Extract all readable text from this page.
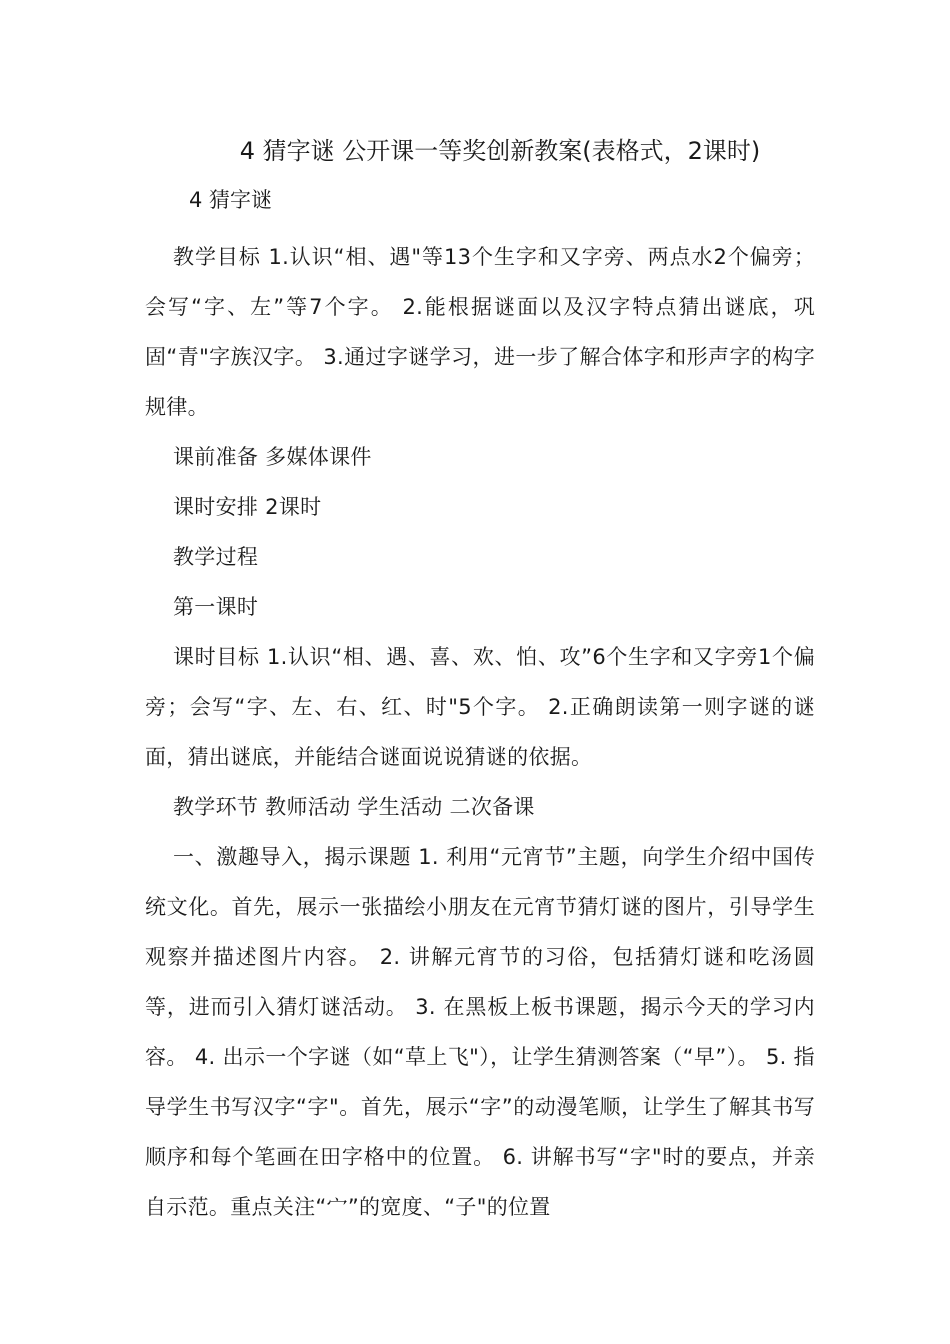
4 猜字谜 公开课一等奖创新教案(表格式，2课时)
4 猜字谜

教学目标 1.认识“相、遇"等13个生字和又字旁、两点水2个偏旁；会写“字、左”等7个字。 2.能根据谜面以及汉字特点猜出谜底，巩固“青"字族汉字。 3.通过字谜学习，进一步了解合体字和形声字的构字规律。

课前准备 多媒体课件

课时安排 2课时

教学过程

第一课时

课时目标 1.认识“相、遇、喜、欢、怕、攻”6个生字和又字旁1个偏旁；会写“字、左、右、红、时"5个字。 2.正确朗读第一则字谜的谜面，猜出谜底，并能结合谜面说说猜谜的依据。

教学环节 教师活动 学生活动 二次备课

一、激趣导入，揭示课题 1. 利用“元宵节”主题，向学生介绍中国传统文化。首先，展示一张描绘小朋友在元宵节猜灯谜的图片，引导学生观察并描述图片内容。 2. 讲解元宵节的习俗，包括猜灯谜和吃汤圆等，进而引入猜灯谜活动。 3. 在黑板上板书课题，揭示今天的学习内容。 4. 出示一个字谜（如“草上飞"），让学生猜测答案（“早”）。 5. 指导学生书写汉字“字"。首先，展示“字”的动漫笔顺，让学生了解其书写顺序和每个笔画在田字格中的位置。 6. 讲解书写“字"时的要点，并亲自示范。重点关注“宀”的宽度、“子"的位置
